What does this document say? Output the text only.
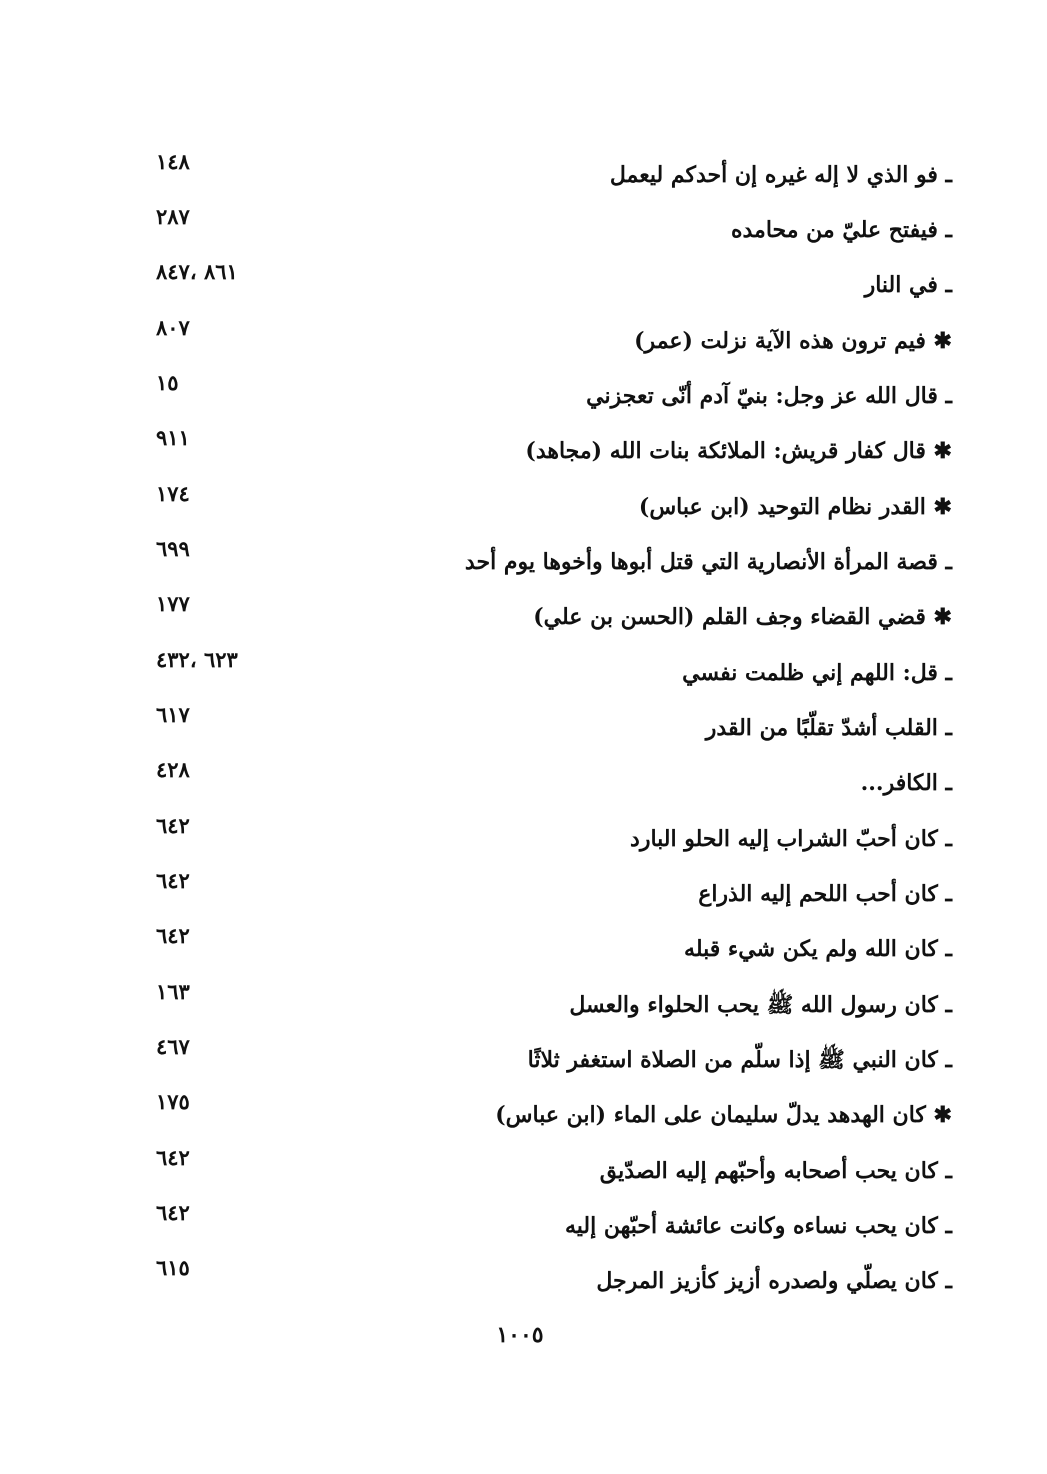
ـ فو الذي لا إله غيره إن أحدكم ليعمل
١٤٨
ـ فيفتح عليّ من محامده
٢٨٧
ـ في النار
٨٦١ ،٨٤٧
✱ فيم ترون هذه الآية نزلت (عمر)
٨٠٧
ـ قال الله عز وجل: بنيّ آدم أنّى تعجزني
١٥
✱ قال كفار قريش: الملائكة بنات الله (مجاهد)
٩١١
✱ القدر نظام التوحيد (ابن عباس)
١٧٤
ـ قصة المرأة الأنصارية التي قتل أبوها وأخوها يوم أحد
٦٩٩
✱ قضي القضاء وجف القلم (الحسن بن علي)
١٧٧
ـ قل: اللهم إني ظلمت نفسي
٦٢٣ ،٤٣٢
ـ القلب أشدّ تقلّبًا من القدر
٦١٧
ـ الكافر...
٤٢٨
ـ كان أحبّ الشراب إليه الحلو البارد
٦٤٢
ـ كان أحب اللحم إليه الذراع
٦٤٢
ـ كان الله ولم يكن شيء قبله
٦٤٢
ـ كان رسول الله ﷺ يحب الحلواء والعسل
١٦٣
ـ كان النبي ﷺ إذا سلّم من الصلاة استغفر ثلاثًا
٤٦٧
✱ كان الهدهد يدلّ سليمان على الماء (ابن عباس)
١٧٥
ـ كان يحب أصحابه وأحبّهم إليه الصدّيق
٦٤٢
ـ كان يحب نساءه وكانت عائشة أحبّهن إليه
٦٤٢
ـ كان يصلّي ولصدره أزيز كأزيز المرجل
٦١٥
١٠٠٥
